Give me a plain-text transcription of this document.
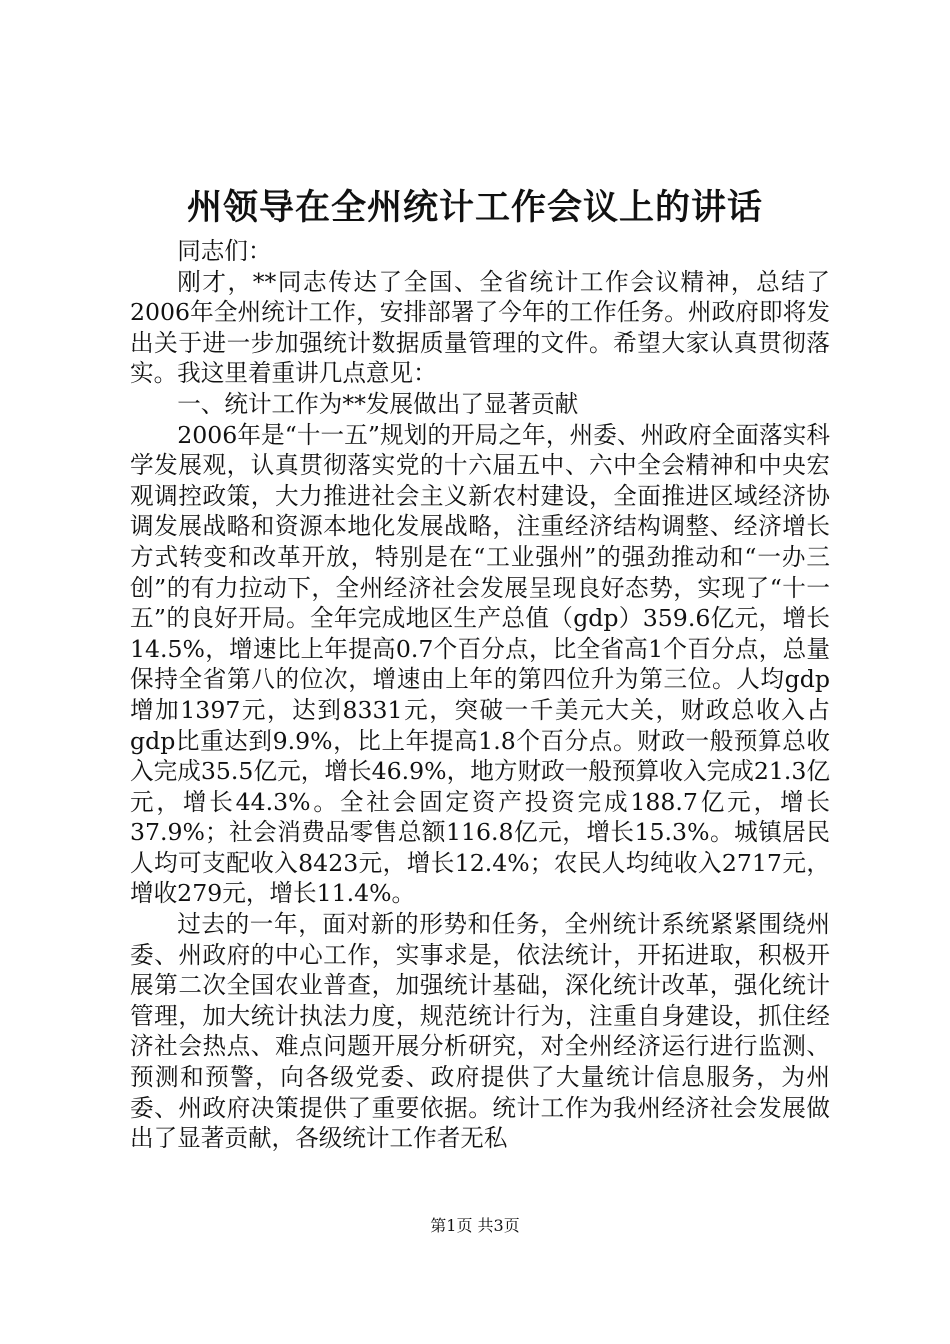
州领导在全州统计工作会议上的讲话

同志们：

刚才，**同志传达了全国、全省统计工作会议精神，总结了2006年全州统计工作，安排部署了今年的工作任务。州政府即将发出关于进一步加强统计数据质量管理的文件。希望大家认真贯彻落实。我这里着重讲几点意见：

一、统计工作为**发展做出了显著贡献

2006年是“十一五”规划的开局之年，州委、州政府全面落实科学发展观，认真贯彻落实党的十六届五中、六中全会精神和中央宏观调控政策，大力推进社会主义新农村建设，全面推进区域经济协调发展战略和资源本地化发展战略，注重经济结构调整、经济增长方式转变和改革开放，特别是在“工业强州”的强劲推动和“一办三创”的有力拉动下，全州经济社会发展呈现良好态势，实现了“十一五”的良好开局。全年完成地区生产总值（gdp）359.6亿元，增长14.5%，增速比上年提高0.7个百分点，比全省高1个百分点，总量保持全省第八的位次，增速由上年的第四位升为第三位。人均gdp增加1397元，达到8331元，突破一千美元大关，财政总收入占gdp比重达到9.9%，比上年提高1.8个百分点。财政一般预算总收入完成35.5亿元，增长46.9%，地方财政一般预算收入完成21.3亿元，增长44.3%。全社会固定资产投资完成188.7亿元，增长37.9%；社会消费品零售总额116.8亿元，增长15.3%。城镇居民人均可支配收入8423元，增长12.4%；农民人均纯收入2717元，增收279元，增长11.4%。

过去的一年，面对新的形势和任务，全州统计系统紧紧围绕州委、州政府的中心工作，实事求是，依法统计，开拓进取，积极开展第二次全国农业普查，加强统计基础，深化统计改革，强化统计管理，加大统计执法力度，规范统计行为，注重自身建设，抓住经济社会热点、难点问题开展分析研究，对全州经济运行进行监测、预测和预警，向各级党委、政府提供了大量统计信息服务，为州委、州政府决策提供了重要依据。统计工作为我州经济社会发展做出了显著贡献，各级统计工作者无私

第1页 共3页
